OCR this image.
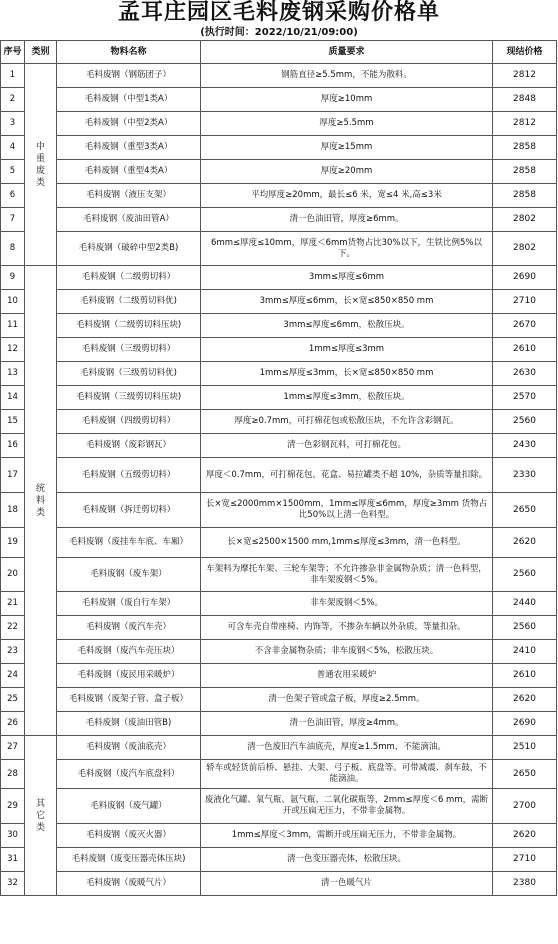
孟耳庄园区毛料废钢采购价格单
(执行时间：2022/10/21/09:00)
序号	类别	物料名称	质量要求	现结价格
1	中重废类	毛料废钢（钢筋团子）	钢筋直径≥5.5mm，不能为散料。	2812
2		毛料废钢（中型1类A）	厚度≥10mm	2848
3		毛料废钢（中型2类A）	厚度≥5.5mm	2812
4		毛料废钢（重型3类A）	厚度≥15mm	2858
5		毛料废钢（重型4类A）	厚度≥20mm	2858
6		毛料废钢（液压支架）	平均厚度≥20mm，最长≤6 米，宽≤4 米,高≤3米	2858
7		毛料废钢（废油田管A）	清一色油田管，厚度≥6mm。	2802
8		毛料废钢（破碎中型2类B)	6mm≤厚度≤10mm，厚度＜6mm货物占比30%以下，生铁比例5%以下。	2802
9	统料类	毛料废钢（二级剪切料）	3mm≤厚度≤6mm	2690
10		毛料废钢（二级剪切料优)	3mm≤厚度≤6mm，长×宽≤850×850 mm	2710
11		毛料废钢（二级剪切料压块)	3mm≤厚度≤6mm，松散压块。	2670
12		毛料废钢（三级剪切料）	1mm≤厚度≤3mm	2610
13		毛料废钢（三级剪切料优)	1mm≤厚度≤3mm，长×宽≤850×850 mm	2630
14		毛料废钢（三级剪切料压块)	1mm≤厚度≤3mm，松散压块。	2570
15		毛料废钢（四级剪切料）	厚度≥0.7mm，可打棉花包或松散压块，不允许含彩钢瓦。	2560
16		毛料废钢（废彩钢瓦）	清一色彩钢瓦料，可打棉花包。	2430
17		毛料废钢（五级剪切料）	厚度＜0.7mm，可打棉花包，花盒、易拉罐类不超 10%，杂质等量扣除。	2330
18		毛料废钢（拆迁剪切料）	长×宽≤2000mm×1500mm，1mm≤厚度≤6mm，厚度≥3mm 货物占比50%以上清一色料型。	2650
19		毛料废钢（废挂车车底、车厢）	长×宽≤2500×1500 mm,1mm≤厚度≤3mm，清一色料型。	2620
20		毛料废钢（废车架）	车架料为摩托车架、三轮车架等；不允许掺杂非金属物杂质；清一色料型，非车架废钢＜5%。	2560
21		毛料废钢（废自行车架）	非车架废钢＜5%。	2440
22		毛料废钢（废汽车壳）	可含车壳自带座椅、内饰等，不掺杂车辆以外杂质，等量扣杂。	2560
23		毛料废钢（废汽车壳压块）	不含非金属物杂质；非车废钢＜5%，松散压块。	2410
24		毛料废钢（废民用采暖炉）	普通农用采暖炉	2610
25		毛料废钢（废架子管、盒子板）	清一色架子管或盒子板，厚度≥2.5mm。	2620
26		毛料废钢（废油田管B)	清一色油田管，厚度≥4mm。	2690
27	其它类	毛料废钢（废油底壳）	清一色废旧汽车油底壳，厚度≥1.5mm，不能滴油。	2510
28		毛料废钢（废汽车底盘料）	轿车或轻货前后桥、悬挂、大架、弓子板、底盘等。可带减震、刹车鼓，不能滴油。	2650
29		毛料废钢（废气罐）	废液化气罐、氧气瓶、氩气瓶、二氧化碳瓶等，2mm≤厚度＜6 mm，需断开或压扁无压力，不带非金属物。	2700
30		毛料废钢（废灭火器）	1mm≤厚度＜3mm，需断开或压扁无压力，不带非金属物。	2620
31		毛料废钢（废变压器壳体压块)	清一色变压器壳体，松散压块。	2710
32		毛料废钢（废暖气片）	清一色暖气片	2380
